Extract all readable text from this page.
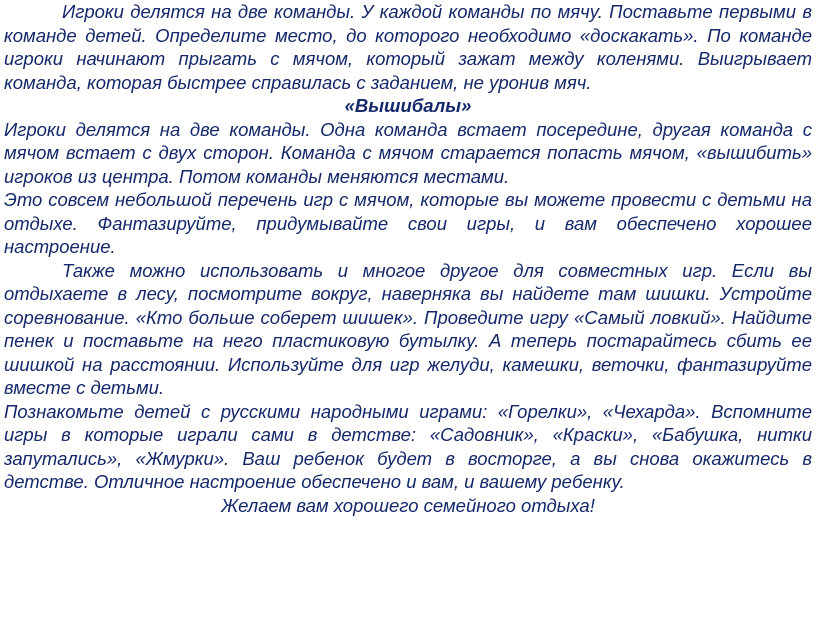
Игроки делятся на две команды. У каждой команды по мячу. Поставьте первыми в команде детей. Определите место, до которого необходимо «доскакать». По команде игроки начинают прыгать с мячом, который зажат между коленями. Выигрывает команда, которая быстрее справилась с заданием, не уронив мяч.

«Вышибалы»

Игроки делятся на две команды. Одна команда встает посередине, другая команда с мячом встает с двух сторон. Команда с мячом старается попасть мячом, «вышибить» игроков из центра. Потом команды меняются местами.

Это совсем небольшой перечень игр с мячом, которые вы можете провести с детьми на отдыхе. Фантазируйте, придумывайте свои игры, и вам обеспечено хорошее настроение.

Также можно использовать и многое другое для совместных игр. Если вы отдыхаете в лесу, посмотрите вокруг, наверняка вы найдете там шишки. Устройте соревнование. «Кто больше соберет шишек». Проведите игру «Самый ловкий». Найдите пенек и поставьте на него пластиковую бутылку. А теперь постарайтесь сбить ее шишкой на расстоянии. Используйте для игр желуди, камешки, веточки, фантазируйте вместе с детьми.

Познакомьте детей с русскими народными играми: «Горелки», «Чехарда». Вспомните игры в которые играли сами в детстве: «Садовник», «Краски», «Бабушка, нитки запутались», «Жмурки». Ваш ребенок будет в восторге, а вы снова окажитесь в детстве. Отличное настроение обеспечено и вам, и вашему ребенку.

Желаем вам хорошего семейного отдыха!
